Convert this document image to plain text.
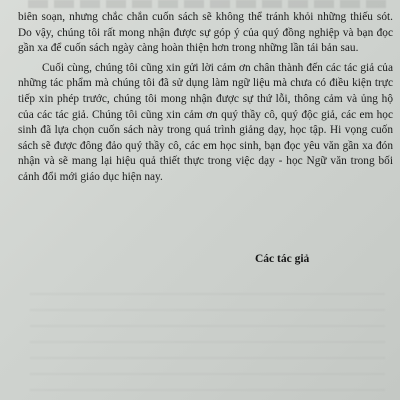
biên soạn, nhưng chắc chắn cuốn sách sẽ không thể tránh khỏi những thiếu sót. Do vậy, chúng tôi rất mong nhận được sự góp ý của quý đồng nghiệp và bạn đọc gần xa để cuốn sách ngày càng hoàn thiện hơn trong những lần tái bản sau.

Cuối cùng, chúng tôi cũng xin gửi lời cảm ơn chân thành đến các tác giả của những tác phẩm mà chúng tôi đã sử dụng làm ngữ liệu mà chưa có điều kiện trực tiếp xin phép trước, chúng tôi mong nhận được sự thứ lỗi, thông cảm và ủng hộ của các tác giả. Chúng tôi cũng xin cảm ơn quý thầy cô, quý độc giả, các em học sinh đã lựa chọn cuốn sách này trong quá trình giảng dạy, học tập. Hi vọng cuốn sách sẽ được đông đảo quý thầy cô, các em học sinh, bạn đọc yêu văn gần xa đón nhận và sẽ mang lại hiệu quả thiết thực trong việc dạy - học Ngữ văn trong bối cảnh đổi mới giáo dục hiện nay.

Các tác giả
